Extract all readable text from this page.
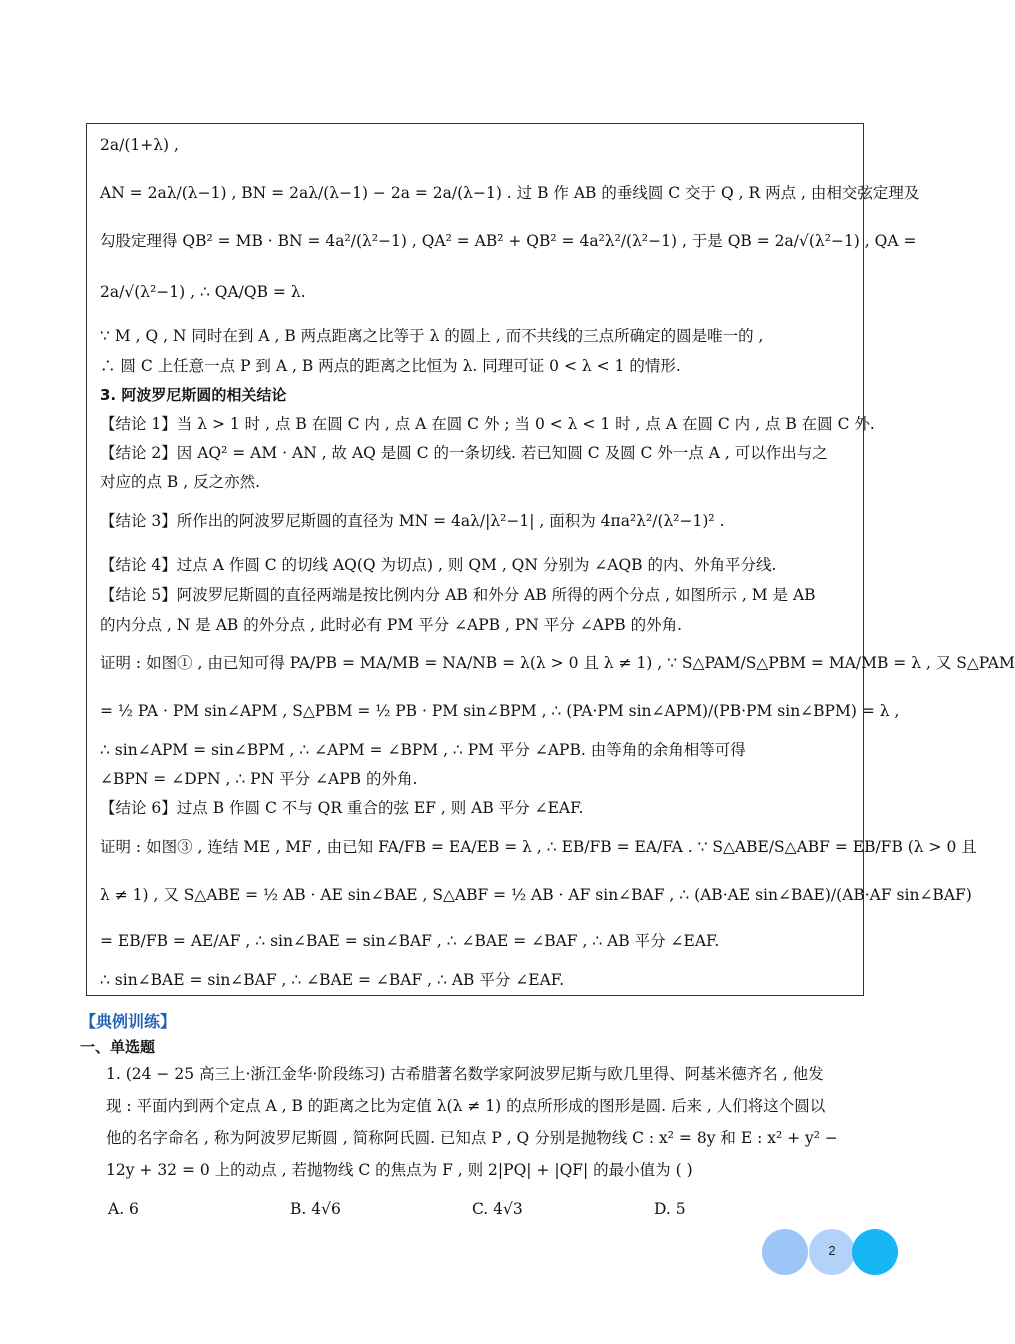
2a/(1+λ) ,
AN = 2aλ/(λ−1) , BN = 2aλ/(λ−1) − 2a = 2a/(λ−1) . 过 B 作 AB 的垂线圆 C 交于 Q , R 两点 , 由相交弦定理及
勾股定理得 QB² = MB · BN = 4a²/(λ²−1) , QA² = AB² + QB² = 4a²λ²/(λ²−1) , 于是 QB = 2a/√(λ²−1) , QA =
2a/√(λ²−1) , ∴ QA/QB = λ.
∵ M , Q , N 同时在到 A , B 两点距离之比等于 λ 的圆上 , 而不共线的三点所确定的圆是唯一的 ,
∴ 圆 C 上任意一点 P 到 A , B 两点的距离之比恒为 λ. 同理可证 0 < λ < 1 的情形.
3. 阿波罗尼斯圆的相关结论
【结论 1】当 λ > 1 时 , 点 B 在圆 C 内 , 点 A 在圆 C 外 ; 当 0 < λ < 1 时 , 点 A 在圆 C 内 , 点 B 在圆 C 外.
【结论 2】因 AQ² = AM · AN , 故 AQ 是圆 C 的一条切线. 若已知圆 C 及圆 C 外一点 A , 可以作出与之
对应的点 B , 反之亦然.
【结论 3】所作出的阿波罗尼斯圆的直径为 MN = 4aλ/|λ²−1| , 面积为 4πa²λ²/(λ²−1)² .
【结论 4】过点 A 作圆 C 的切线 AQ(Q 为切点) , 则 QM , QN 分别为 ∠AQB 的内、外角平分线.
【结论 5】阿波罗尼斯圆的直径两端是按比例内分 AB 和外分 AB 所得的两个分点 , 如图所示 , M 是 AB
的内分点 , N 是 AB 的外分点 , 此时必有 PM 平分 ∠APB , PN 平分 ∠APB 的外角.
证明 : 如图① , 由已知可得 PA/PB = MA/MB = NA/NB = λ(λ > 0 且 λ ≠ 1) , ∵ S△PAM/S△PBM = MA/MB = λ , 又 S△PAM
= ½ PA · PM sin∠APM , S△PBM = ½ PB · PM sin∠BPM , ∴ (PA·PM sin∠APM)/(PB·PM sin∠BPM) = λ ,
∴ sin∠APM = sin∠BPM , ∴ ∠APM = ∠BPM , ∴ PM 平分 ∠APB. 由等角的余角相等可得
∠BPN = ∠DPN , ∴ PN 平分 ∠APB 的外角.
【结论 6】过点 B 作圆 C 不与 QR 重合的弦 EF , 则 AB 平分 ∠EAF.
证明 : 如图③ , 连结 ME , MF , 由已知 FA/FB = EA/EB = λ , ∴ EB/FB = EA/FA . ∵ S△ABE/S△ABF = EB/FB (λ > 0 且
λ ≠ 1) , 又 S△ABE = ½ AB · AE sin∠BAE , S△ABF = ½ AB · AF sin∠BAF , ∴ (AB·AE sin∠BAE)/(AB·AF sin∠BAF)
= EB/FB = AE/AF , ∴ sin∠BAE = sin∠BAF , ∴ ∠BAE = ∠BAF , ∴ AB 平分 ∠EAF.
∴ sin∠BAE = sin∠BAF , ∴ ∠BAE = ∠BAF , ∴ AB 平分 ∠EAF.
【典例训练】
一、单选题
1. (24 − 25 高三上·浙江金华·阶段练习) 古希腊著名数学家阿波罗尼斯与欧几里得、阿基米德齐名 , 他发
现 : 平面内到两个定点 A , B 的距离之比为定值 λ(λ ≠ 1) 的点所形成的图形是圆. 后来 , 人们将这个圆以
他的名字命名 , 称为阿波罗尼斯圆 , 简称阿氏圆. 已知点 P , Q 分别是抛物线 C : x² = 8y 和 E : x² + y² −
12y + 32 = 0 上的动点 , 若抛物线 C 的焦点为 F , 则 2|PQ| + |QF| 的最小值为 ( )
A. 6	B. 4√6	C. 4√3	D. 5
2
